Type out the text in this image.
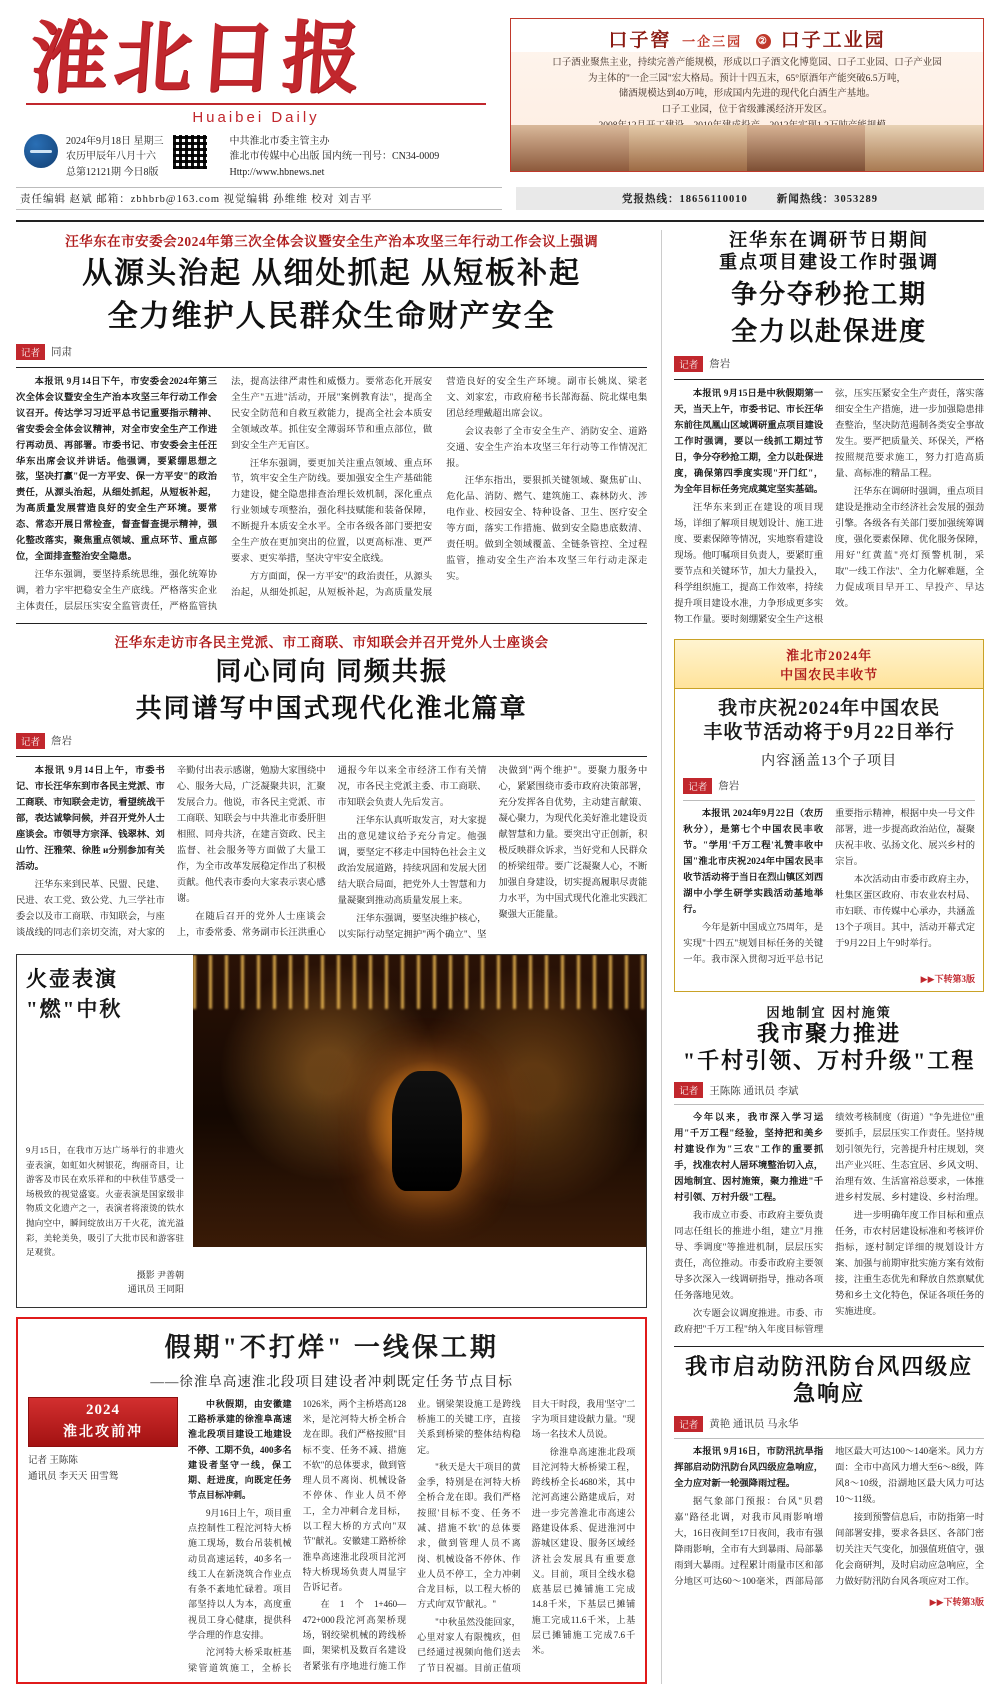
淮北日报
Huaibei Daily
2024年9月18日 星期三
农历甲辰年八月十六
总第12121期 今日8版
中共淮北市委主管主办
淮北市传媒中心出版 国内统一刊号：CN34-0009
Http://www.hbnews.net
口子窖 一企三园 ② 口子工业园
口子酒业聚焦主业，持续完善产能规模，形成以口子酒文化博览园、口子工业园、口子产业园
为主体的"一企三园"宏大格局。预计十四五末，65°原酒年产能突破6.5万吨，
储酒规模达到40万吨，形成国内先进的现代化白酒生产基地。
口子工业园，位于省级濉溪经济开发区。
责任编辑 赵斌 邮箱：zbhbrb@163.com 视觉编辑 孙维维 校对 刘吉平	党报热线：18656110010	新闻热线：3053289
汪华东在市安委会2024年第三次全体会议暨安全生产治本攻坚三年行动工作会议上强调
从源头治起 从细处抓起 从短板补起
全力维护人民群众生命财产安全
记者	同肃

本报讯 9月14日下午，市安委会2024年第三次全体会议暨安全生产治本攻坚三年行动工作会议召开。传达学习习近平总书记重要指示精神、省安委会全体会议精神，对全市安全生产工作进行再动员、再部署。市委书记、市安委会主任汪华东出席会议并讲话。他强调，要紧绷思想之弦，坚决打赢"促一方平安、保一方平安"的政治责任，从源头治起，从细处抓起，从短板补起，为高质量发展营造良好的安全生产环境。要常态、常态开展日常检查，督查督查提示精神，强化整改落实，聚焦重点领域、重点环节、重点部位，全面排查整治安全隐患。

汪华东强调，要坚持系统思维，强化统筹协调，着力字牢把稳安全生产底线。严格落实企业主体责任，层层压实安全监管责任，严格监管执法，提高法律严肃性和威慑力。要常态化开展安全生产"五进"活动，开展"案例教育法"，提高全民安全防范和自救互救能力，提高全社会本质安全领域改革。抓住安全薄弱环节和重点部位，做到安全生产无盲区。

汪华东强调，要更加关注重点领域、重点环节，筑牢安全生产防线。要加强安全生产基础能力建设，健全隐患排查治理长效机制，深化重点行业领域专项整治，强化科技赋能和装备保障，不断提升本质安全水平。全市各级各部门要把安全生产放在更加突出的位置，以更高标准、更严要求、更实举措，坚决守牢安全底线。

方方面面，保一方平安"的政治责任，从源头治起，从细处抓起，从短板补起，为高质量发展营造良好的安全生产环境。副市长姚岚、梁老文、刘家宏，市政府秘书长郜海磊、院北煤电集团总经理戴超出席会议。

会议表彰了全市安全生产、消防安全、道路交通、安全生产治本攻坚三年行动等工作情况汇报。

汪华东指出，要狠抓关键领域、聚焦矿山、危化品、消防、燃气、建筑施工、森林防火、涉电作业、校园安全、特种设备、卫生、医疗安全等方面，落实工作措施、做到安全隐患底数清、责任明。做到全领域覆盖、全链条管控、全过程监管，推动安全生产治本攻坚三年行动走深走实。

汪华东走访市各民主党派、市工商联、市知联会并召开党外人士座谈会
同心同向 同频共振
共同谱写中国式现代化淮北篇章
记者	詹岩

本报讯 9月14日上午，市委书记、市长汪华东到市各民主党派、市工商联、市知联会走访，看望统战干部，表达诚挚问候，并召开党外人士座谈会。市领导方宗泽、钱翠林、刘山竹、汪雅荣、徐胜 и分别参加有关活动。

汪华东来到民革、民盟、民建、民进、农工党、致公党、九三学社市委会以及市工商联、市知联会，与座谈战线的同志们亲切交流，对大家的辛勤付出表示感谢，勉励大家围绕中心、服务大局，广泛凝聚共识，汇聚发展合力。他说，市各民主党派、市工商联、知联会与中共淮北市委肝胆相照、同舟共济，在建言资政、民主监督、社会服务等方面做了大量工作，为全市改革发展稳定作出了积极贡献。他代表市委向大家表示衷心感谢。

在随后召开的党外人士座谈会上，市委常委、常务副市长汪洪重心通报今年以来全市经济工作有关情况，市各民主党派主委、市工商联、市知联会负责人先后发言。

汪华东认真听取发言，对大家提出的意见建议给予充分肯定。他强调，要坚定不移走中国特色社会主义政治发展道路，持续巩固和发展大团结大联合局面，把党外人士智慧和力量凝聚到推动高质量发展上来。

汪华东强调，要坚决维护核心，以实际行动坚定拥护"两个确立"、坚决做到"两个维护"。要聚力服务中心，紧紧围绕市委市政府决策部署，充分发挥各自优势，主动建言献策、凝心聚力，为现代化美好淮北建设贡献智慧和力量。要突出守正创新，积极反映群众诉求，当好党和人民群众的桥梁纽带。要广泛凝聚人心，不断加强自身建设，切实提高履职尽责能力水平，为中国式现代化淮北实践汇聚强大正能量。

火壶表演
"燃"中秋
9月15日，在我市万达广场举行的非遗火壶表演，如虹如火树银花，绚丽奇目，让游客及市民在欢乐祥和的中秋佳节感受一场极致的视觉盛宴。火壶表演是国家级非物质文化遗产之一，表演者将滚烫的铁水抛向空中，瞬间绽放出万千火花，流光溢彩，美轮美奂，吸引了大批市民和游客驻足观赏。
摄影 尹善朝
通讯员 王同阳
假期"不打烊" 一线保工期
——徐淮阜高速淮北段项目建设者冲刺既定任务节点目标
2024
淮北攻前冲
记者 王陈陈
通讯员 李天天 田雪鸳

中秋假期，由安徽建工路桥承建的徐淮阜高速淮北段项目建设工地建设不停、工期不负，400多名建设者坚守一线，保工期、赶进度，向既定任务节点目标冲刺。

9月16日上午，项目重点控制性工程沱河特大桥施工现场，数台吊装机械动员高速运转，40多名一线工人在新浇筑合作业点有条不紊地忙碌着。项目部坚持以人为本，高度重视员工身心健康，提供科学合理的作息安排。

沱河特大桥采取桩基梁管道筑施工，全桥长1026米，两个主桥塔高128米，是沱河特大桥全桥合龙在即。我们严格按照"目标不变、任务不减、措施不软"的总体要求，做到管理人员不离岗、机械设备不停休、作业人员不停工，全力冲刺合龙目标，以工程大桥的方式向"双节"献礼。安徽建工路桥徐淮阜高速淮北段项目沱河特大桥现场负责人周显宇告诉记者。

在1个1+460—472+000段沱河高架桥现场，钢绞梁机械的跨线桥面，架梁机及数百名建设者紧张有序地进行施工作业。钢梁架设施工是跨线桥施工的关键工序，直接关系到桥梁的整体结构稳定。

"秋天是大干项目的黄金季，特别是在河特大桥全桥合龙在即。我们严格按照'目标不变、任务不减、措施不软'的总体要求，做到管理人员不离岗、机械设备不停休、作业人员不停工，全力冲刺合龙目标，以工程大桥的方式向'双节'献礼。"

"中秋虽然没能回家，心里对家人有限愧疚，但已经通过视频向他们送去了节日祝福。目前正值项目大干时段，我用'坚守'二字为项目建设献力量。"现场一名技术人员说。

徐淮阜高速淮北段项目沱河特大桥桥梁工程，跨线桥全长4680米，其中沱河高速公路建成后，对进一步完善淮北市高速公路建设体系、促进淮河中游城区建设、服务区域经济社会发展具有重要意义。目前，项目全线水稳底基层已摊铺施工完成14.8千米，下基层已摊铺施工完成11.6千米，上基层已摊铺施工完成7.6千米。

汪华东在调研节日期间
重点项目建设工作时强调
争分夺秒抢工期
全力以赴保进度
记者	詹岩

本报讯 9月15日是中秋假期第一天，当天上午，市委书记、市长汪华东前往凤凰山区域调研重点项目建设工作时强调，要以一线抓工期过节日，争分夺秒抢工期，全力以赴保进度，确保第四季度实现"开门红"，为全年目标任务完成奠定坚实基础。

汪华东来到正在建设的项目现场，详细了解项目规划设计、施工进度、要素保障等情况，实地察看建设现场。他叮嘱项目负责人，要紧盯重要节点和关键环节，加大力量投入，科学组织施工，提高工作效率，持续提升项目建设水准，力争形成更多实物工作量。要时刻绷紧安全生产这根弦，压实压紧安全生产责任，落实落细安全生产措施，进一步加强隐患排查整治，坚决防范遏制各类安全事故发生。要严把质量关、环保关，严格按照规范要求施工，努力打造高质量、高标准的精品工程。

汪华东在调研时强调，重点项目建设是推动全市经济社会发展的强劲引擎。各级各有关部门要加强统筹调度，强化要素保障、优化服务保障，用好"红黄蓝"亮灯预警机制，采取"一线工作法"、全力化解难题，全力促成项目早开工、早投产、早达效。

淮北市2024年
中国农民丰收节
我市庆祝2024年中国农民
丰收节活动将于9月22日举行
内容涵盖13个子项目
记者	詹岩

本报讯 2024年9月22日（农历秋分），是第七个中国农民丰收节。"学用'千万工程'礼赞丰收中国"淮北市庆祝2024年中国农民丰收节活动将于当日在烈山镇区刘西湖中小学生研学实践活动基地举行。

今年是新中国成立75周年，是实现"十四五"规划目标任务的关键一年。我市深入贯彻习近平总书记重要指示精神，根据中央一号文件部署，进一步提高政治站位，凝聚庆祝丰收、弘扬文化、展兴乡村的宗旨。

本次活动由市委市政府主办，杜集区蛋区政府、市农业农村局、市妇联、市传媒中心承办，共涵盖13个子项目。其中，活动开幕式定于9月22日上午9时举行。

▶▶下转第3版
因地制宜 因村施策
我市聚力推进
"千村引领、万村升级"工程
记者	王陈陈 通讯员 李斌

今年以来，我市深入学习运用"千万工程"经验，坚持把和美乡村建设作为"三农"工作的重要抓手，找准农村人居环境整治切入点，因地制宜、因村施策，聚力推进"千村引领、万村升级"工程。

我市成立市委、市政府主要负责同志任组长的推进小组，建立"月推导、季调度"等推进机制，层层压实责任，高位推动。市委市政府主要领导多次深入一线调研指导，推动各项任务落地见效。

次专题会议调度推进。市委、市政府把"千万工程"纳入年度目标管理绩效考核制度（街道）"争先进位"重要抓手，层层压实工作责任。坚持规划引领先行，完善提升村庄规划，突出产业兴旺、生态宜居、乡风文明、治理有效、生活富裕总要求，一体推进乡村发展、乡村建设、乡村治理。

进一步明确年度工作目标和重点任务，市农村居建设标准和考核评价指标，逐村制定详细的规划设计方案、加强与前期审批实施方案有效衔接，注重生态优先和释放自然禀赋优势和乡土文化特色，保证各项任务的实施进度。

我市启动防汛防台风四级应急响应
记者	黄艳 通讯员 马永华

本报讯 9月16日，市防汛抗旱指挥部启动防汛防台风四级应急响应，全力应对新一轮强降雨过程。

据气象部门预报：台风"贝碧嘉"路径北调，对我市风雨影响增大，16日夜间至17日夜间，我市有强降雨影响，全市有大到暴雨、局部暴雨到大暴雨。过程累计雨量市区和部分地区可达60～100毫米，西部局部地区最大可达100～140毫米。风力方面：全市中高风力增大至6～8级，阵风8～10级，沿湖地区最大风力可达10～11级。

接到预警信息后，市防指第一时间部署安排，要求各县区、各部门密切关注天气变化，加强值班值守，强化会商研判，及时启动应急响应，全力做好防汛防台风各项应对工作。

▶▶下转第3版
